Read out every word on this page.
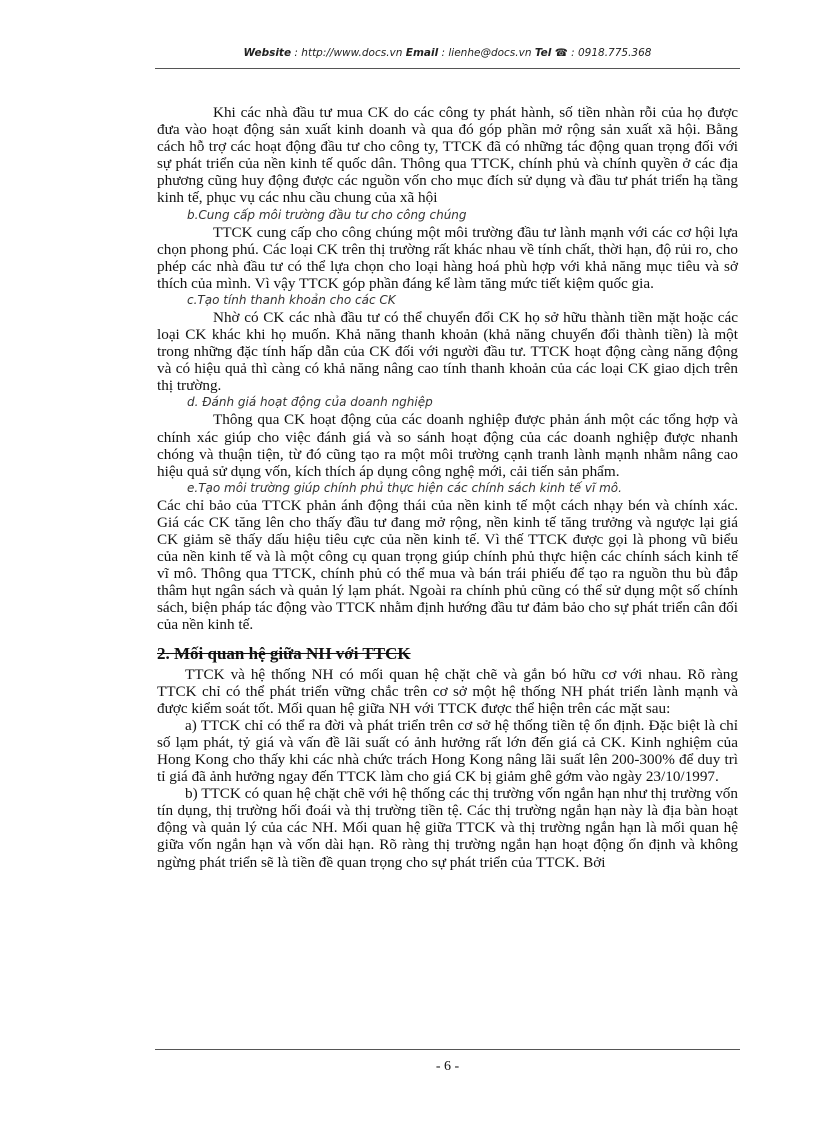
Website : http://www.docs.vn Email : lienhe@docs.vn Tel ☎ : 0918.775.368

Khi các nhà đầu tư mua CK do các công ty phát hành, số tiền nhàn rỗi của họ được đưa vào hoạt động sản xuất kinh doanh và qua đó góp phần mở rộng sản xuất xã hội. Bằng cách hỗ trợ các hoạt động đầu tư cho công ty, TTCK đã có những tác động quan trọng đối với sự phát triển của nền kinh tế quốc dân. Thông qua TTCK, chính phủ và chính quyền ở các địa phương cũng huy động được các nguồn vốn cho mục đích sử dụng và đầu tư phát triển hạ tầng kinh tế, phục vụ các nhu cầu chung của xã hội

b.Cung cấp môi trường đầu tư cho công chúng

TTCK cung cấp cho công chúng một môi trường đầu tư lành mạnh với các cơ hội lựa chọn phong phú. Các loại CK trên thị trường rất khác nhau về tính chất, thời hạn, độ rủi ro, cho phép các nhà đầu tư có thể lựa chọn cho loại hàng hoá phù hợp với khả năng mục tiêu và sở thích của mình. Vì vậy TTCK góp phần đáng kể làm tăng mức tiết kiệm quốc gia.

c.Tạo tính thanh khoản cho các CK

Nhờ có CK các nhà đầu tư có thể chuyển đổi CK họ sở hữu thành tiền mặt hoặc các loại CK khác khi họ muốn. Khả năng thanh khoản (khả năng chuyển đổi thành tiền) là một trong những đặc tính hấp dẫn của CK đối với người đầu tư. TTCK hoạt động càng năng động và có hiệu quả thì càng có khả năng nâng cao tính thanh khoản của các loại CK giao dịch trên thị trường.

d. Đánh giá hoạt động của doanh nghiệp

Thông qua CK hoạt động của các doanh nghiệp được phản ánh một các tổng hợp và chính xác giúp cho việc đánh giá và so sánh hoạt động của các doanh nghiệp được nhanh chóng và thuận tiện, từ đó cũng tạo ra một môi trường cạnh tranh lành mạnh nhằm nâng cao hiệu quả sử dụng vốn, kích thích áp dụng công nghệ mới, cải tiến sản phẩm.

e.Tạo môi trường giúp chính phủ thực hiện các chính sách kinh tế vĩ mô.

Các chỉ bảo của TTCK phản ánh động thái của nền kinh tế một cách nhạy bén và chính xác. Giá các CK tăng lên cho thấy đầu tư đang mở rộng, nền kinh tế tăng trưởng và ngược lại giá CK giảm sẽ thấy dấu hiệu tiêu cực của nền kinh tế. Vì thế TTCK được gọi là phong vũ biểu của nền kinh tế và là một công cụ quan trọng giúp chính phủ thực hiện các chính sách kinh tế vĩ mô. Thông qua TTCK, chính phủ có thể mua và bán trái phiếu để tạo ra nguồn thu bù đắp thâm hụt ngân sách và quản lý lạm phát. Ngoài ra chính phủ cũng có thể sử dụng một số chính sách, biện pháp tác động vào TTCK nhằm định hướng đầu tư đảm bảo cho sự phát triển cân đối của nền kinh tế.

2. Mối quan hệ giữa NH với TTCK

TTCK và hệ thống NH có mối quan hệ chặt chẽ và gắn bó hữu cơ với nhau. Rõ ràng TTCK chỉ có thể phát triển vững chắc trên cơ sở một hệ thống NH phát triển lành mạnh và được kiểm soát tốt. Mối quan hệ giữa NH với TTCK được thể hiện trên các mặt sau:

a) TTCK chỉ có thể ra đời và phát triển trên cơ sở hệ thống tiền tệ ổn định. Đặc biệt là chỉ số lạm phát, tỷ giá và vấn đề lãi suất có ảnh hưởng rất lớn đến giá cả CK. Kinh nghiệm của Hong Kong cho thấy khi các nhà chức trách Hong Kong nâng lãi suất lên 200-300% để duy trì tỉ giá đã ảnh hưởng ngay đến TTCK làm cho giá CK bị giảm ghê gớm vào ngày 23/10/1997.

b) TTCK có quan hệ chặt chẽ với hệ thống các thị trường vốn ngắn hạn như thị trường vốn tín dụng, thị trường hối đoái và thị trường tiền tệ. Các thị trường ngắn hạn này là địa bàn hoạt động và quản lý của các NH. Mối quan hệ giữa TTCK và thị trường ngắn hạn là mối quan hệ giữa vốn ngắn hạn và vốn dài hạn. Rõ ràng thị trường ngắn hạn hoạt động ổn định và không ngừng phát triển sẽ là tiền đề quan trọng cho sự phát triển của TTCK. Bởi

- 6 -
